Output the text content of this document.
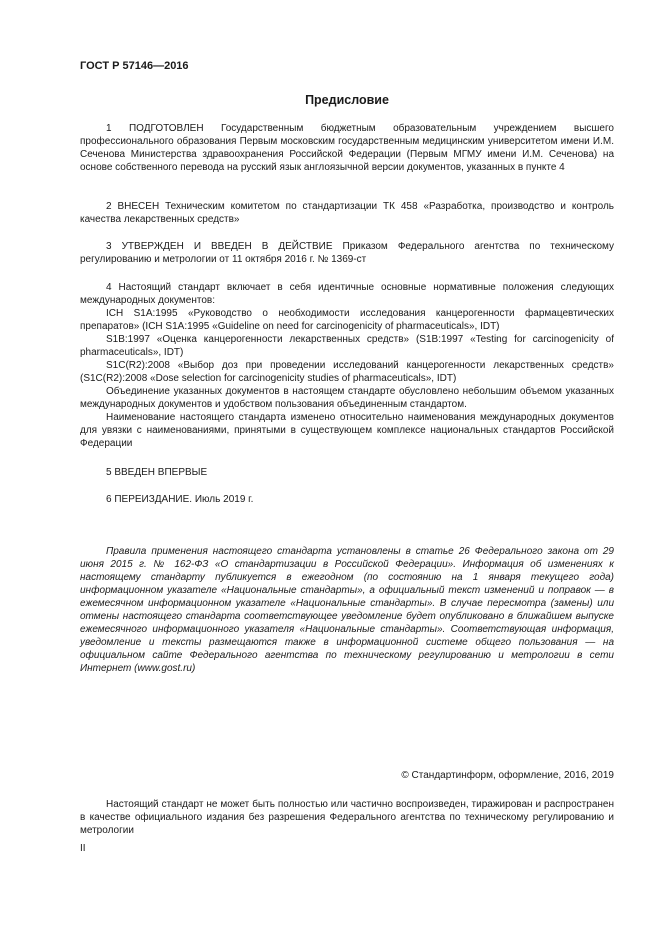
ГОСТ Р 57146—2016
Предисловие

1 ПОДГОТОВЛЕН Государственным бюджетным образовательным учреждением высшего профессионального образования Первым московским государственным медицинским университетом имени И.М. Сеченова Министерства здравоохранения Российской Федерации (Первым МГМУ имени И.М. Сеченова) на основе собственного перевода на русский язык англоязычной версии документов, указанных в пункте 4

2 ВНЕСЕН Техническим комитетом по стандартизации ТК 458 «Разработка, производство и контроль качества лекарственных средств»

3 УТВЕРЖДЕН И ВВЕДЕН В ДЕЙСТВИЕ Приказом Федерального агентства по техническому регулированию и метрологии от 11 октября 2016 г. № 1369-ст

4 Настоящий стандарт включает в себя идентичные основные нормативные положения следующих международных документов:

ICH S1A:1995 «Руководство о необходимости исследования канцерогенности фармацевтических препаратов» (ICH S1A:1995 «Guideline on need for carcinogenicity of pharmaceuticals», IDT)

S1B:1997 «Оценка канцерогенности лекарственных средств» (S1B:1997 «Testing for carcinogenicity of pharmaceuticals», IDT)

S1C(R2):2008 «Выбор доз при проведении исследований канцерогенности лекарственных средств» (S1C(R2):2008 «Dose selection for carcinogenicity studies of pharmaceuticals», IDT)

Объединение указанных документов в настоящем стандарте обусловлено небольшим объемом указанных международных документов и удобством пользования объединенным стандартом.

Наименование настоящего стандарта изменено относительно наименования международных документов для увязки с наименованиями, принятыми в существующем комплексе национальных стандартов Российской Федерации

5 ВВЕДЕН ВПЕРВЫЕ

6 ПЕРЕИЗДАНИЕ. Июль 2019 г.

Правила применения настоящего стандарта установлены в статье 26 Федерального закона от 29 июня 2015 г. № 162-ФЗ «О стандартизации в Российской Федерации». Информация об изменениях к настоящему стандарту публикуется в ежегодном (по состоянию на 1 января текущего года) информационном указателе «Национальные стандарты», а официальный текст изменений и поправок — в ежемесячном информационном указателе «Национальные стандарты». В случае пересмотра (замены) или отмены настоящего стандарта соответствующее уведомление будет опубликовано в ближайшем выпуске ежемесячного информационного указателя «Национальные стандарты». Соответствующая информация, уведомление и тексты размещаются также в информационной системе общего пользования — на официальном сайте Федерального агентства по техническому регулированию и метрологии в сети Интернет (www.gost.ru)

© Стандартинформ, оформление, 2016, 2019

Настоящий стандарт не может быть полностью или частично воспроизведен, тиражирован и распространен в качестве официального издания без разрешения Федерального агентства по техническому регулированию и метрологии

II
